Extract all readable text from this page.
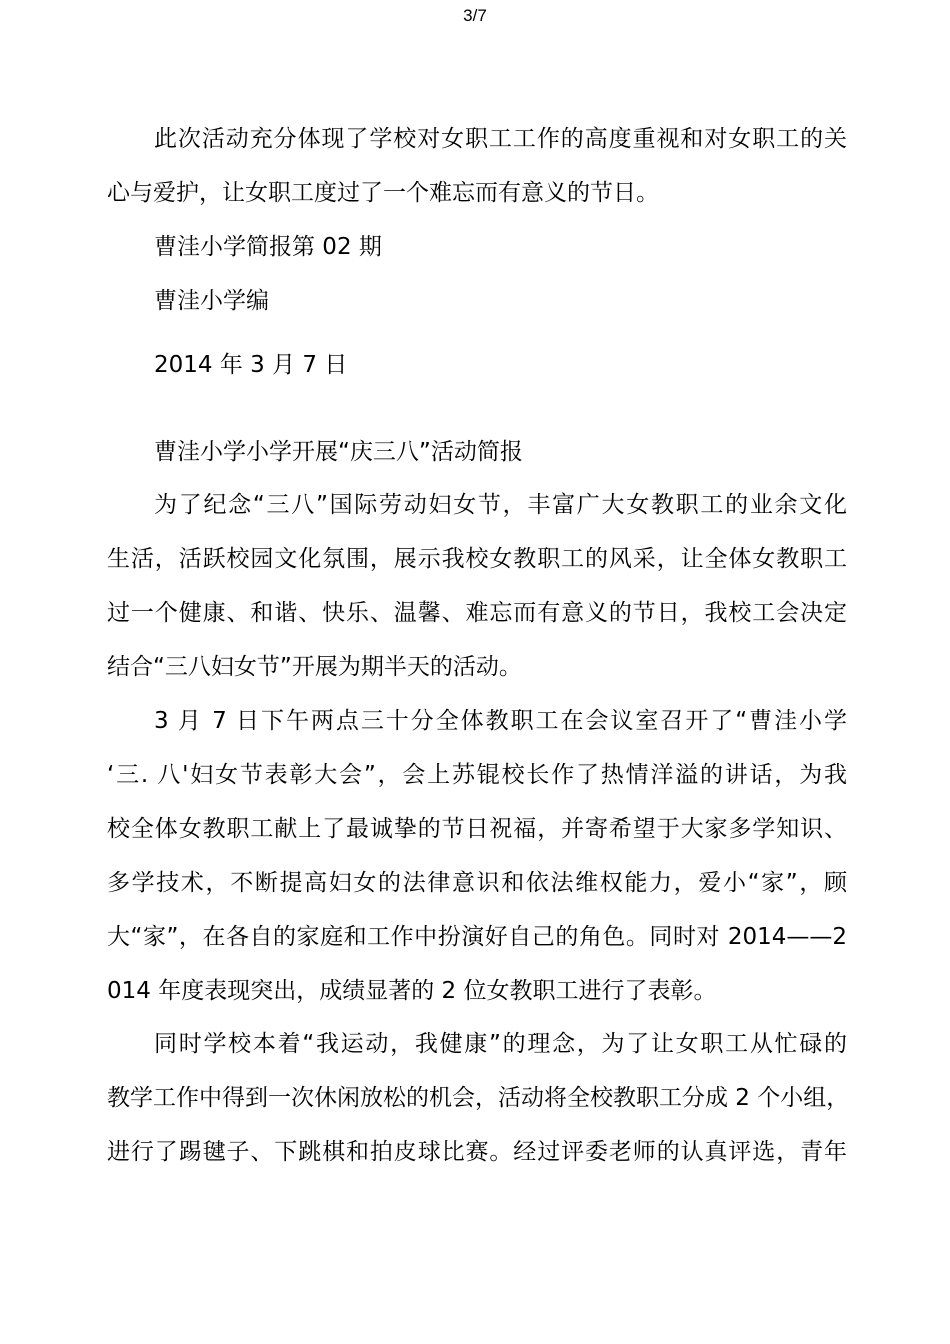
3/7
此次活动充分体现了学校对女职工工作的高度重视和对女职工的关
心与爱护，让女职工度过了一个难忘而有意义的节日。
曹洼小学简报第 02 期
曹洼小学编
2014 年 3 月 7 日
曹洼小学小学开展“庆三八”活动简报
为了纪念“三八”国际劳动妇女节，丰富广大女教职工的业余文化
生活，活跃校园文化氛围，展示我校女教职工的风采，让全体女教职工
过一个健康、和谐、快乐、温馨、难忘而有意义的节日，我校工会决定
结合“三八妇女节”开展为期半天的活动。
3 月 7 日下午两点三十分全体教职工在会议室召开了“曹洼小学
‘三. 八'妇女节表彰大会”，会上苏锟校长作了热情洋溢的讲话，为我
校全体女教职工献上了最诚挚的节日祝福，并寄希望于大家多学知识、
多学技术，不断提高妇女的法律意识和依法维权能力，爱小“家”，顾
大“家”，在各自的家庭和工作中扮演好自己的角色。同时对 2014——2
014 年度表现突出，成绩显著的 2 位女教职工进行了表彰。
同时学校本着“我运动，我健康”的理念，为了让女职工从忙碌的
教学工作中得到一次休闲放松的机会，活动将全校教职工分成 2 个小组，
进行了踢毽子、下跳棋和拍皮球比赛。经过评委老师的认真评选，青年
